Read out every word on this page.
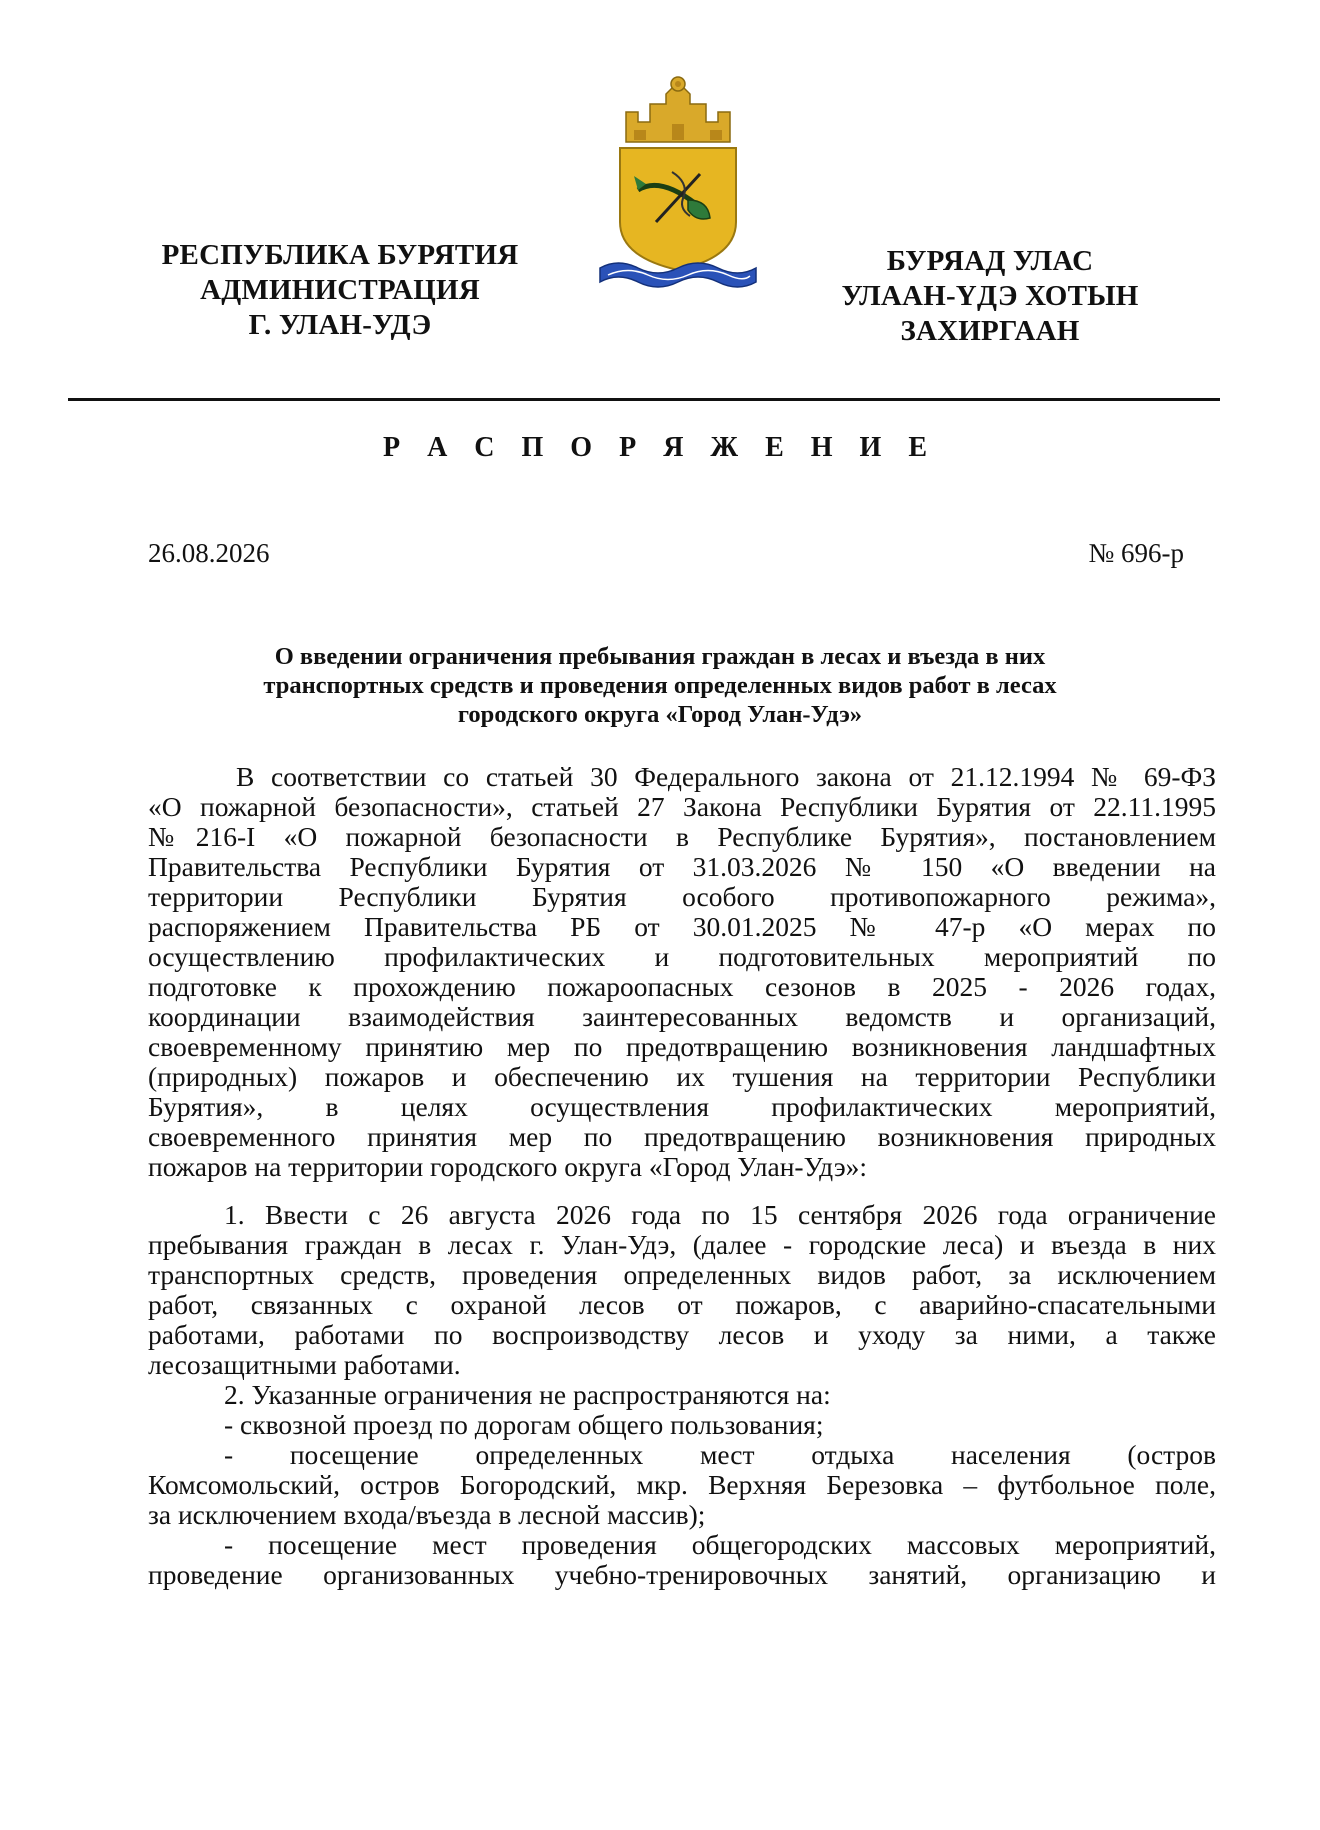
РЕСПУБЛИКА БУРЯТИЯ
АДМИНИСТРАЦИЯ
Г. УЛАН-УДЭ
БУРЯАД УЛАС
УЛААН-ҮДЭ ХОТЫН
ЗАХИРГААН
Р А С П О Р Я Ж Е Н И Е
26.08.2026	№ 696-р
О введении ограничения пребывания граждан в лесах и въезда в них
транспортных средств и проведения определенных видов работ в лесах
городского округа «Город Улан-Удэ»
В соответствии со статьей 30 Федерального закона от 21.12.1994 № 69-ФЗ
«О пожарной безопасности», статьей 27 Закона Республики Бурятия от 22.11.1995
№216-I «О пожарной безопасности в Республике Бурятия», постановлением
Правительства Республики Бурятия от 31.03.2026 № 150 «О введении на
территории Республики Бурятия особого противопожарного режима»,
распоряжением Правительства РБ от 30.01.2025 № 47-р «О мерах по
осуществлению профилактических и подготовительных мероприятий по
подготовке к прохождению пожароопасных сезонов в 2025 - 2026 годах,
координации взаимодействия заинтересованных ведомств и организаций,
своевременному принятию мер по предотвращению возникновения ландшафтных
(природных) пожаров и обеспечению их тушения на территории Республики
Бурятия», в целях осуществления профилактических мероприятий,
своевременного принятия мер по предотвращению возникновения природных
пожаров на территории городского округа «Город Улан-Удэ»:
1. Ввести с 26 августа 2026 года по 15 сентября 2026 года ограничение
пребывания граждан в лесах г. Улан-Удэ, (далее - городские леса) и въезда в них
транспортных средств, проведения определенных видов работ, за исключением
работ, связанных с охраной лесов от пожаров, с аварийно-спасательными
работами, работами по воспроизводству лесов и уходу за ними, а также
лесозащитными работами.
2. Указанные ограничения не распространяются на:
- сквозной проезд по дорогам общего пользования;
- посещение определенных мест отдыха населения (остров
Комсомольский, остров Богородский, мкр. Верхняя Березовка – футбольное поле,
за исключением входа/въезда в лесной массив);
- посещение мест проведения общегородских массовых мероприятий,
проведение организованных учебно-тренировочных занятий, организацию и
